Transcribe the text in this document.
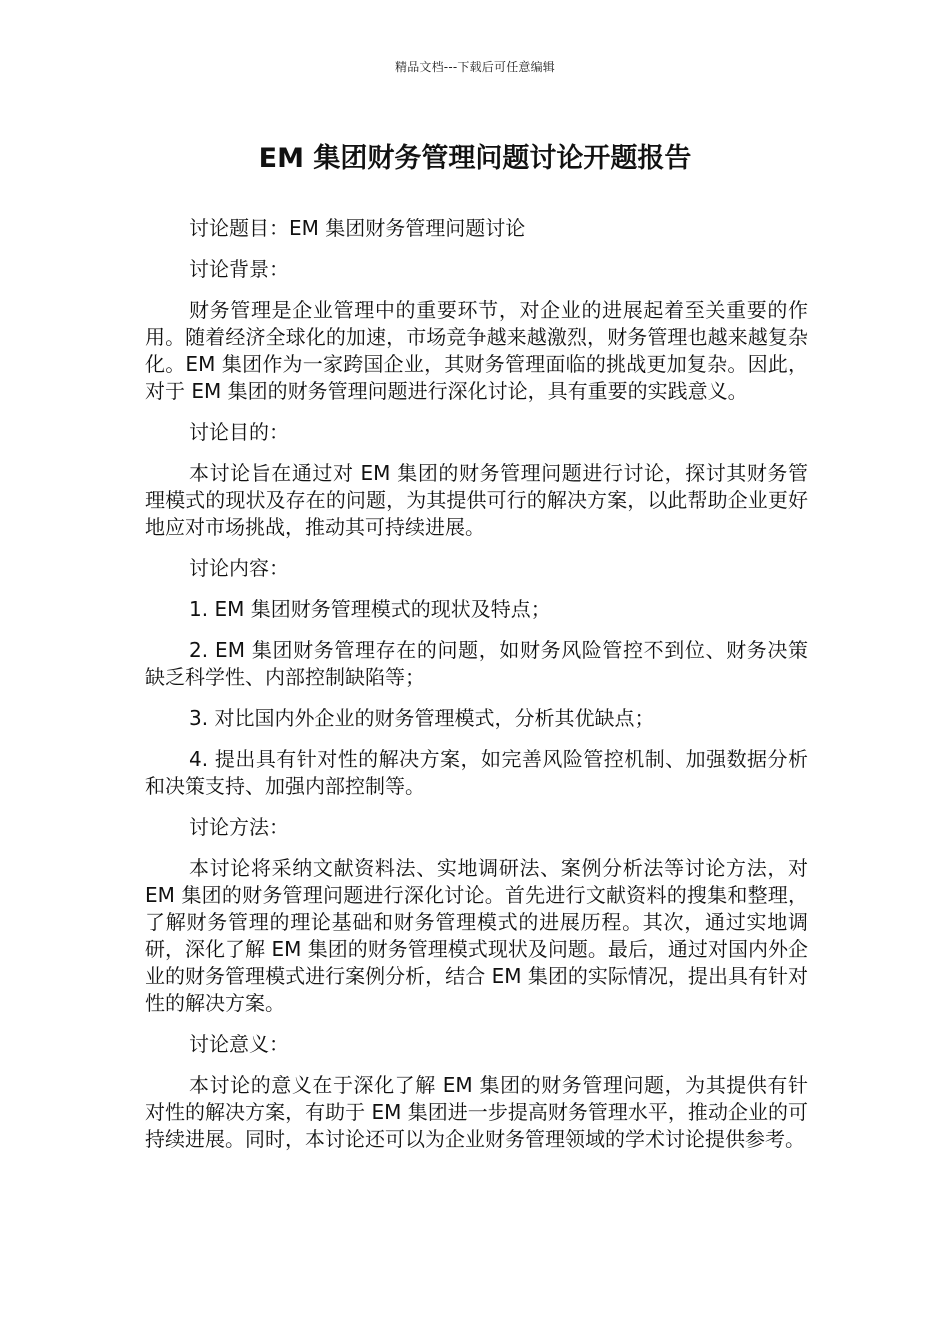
精品文档---下载后可任意编辑
EM 集团财务管理问题讨论开题报告

讨论题目：EM 集团财务管理问题讨论

讨论背景：

财务管理是企业管理中的重要环节，对企业的进展起着至关重要的作用。随着经济全球化的加速，市场竞争越来越激烈，财务管理也越来越复杂化。EM 集团作为一家跨国企业，其财务管理面临的挑战更加复杂。因此，对于 EM 集团的财务管理问题进行深化讨论，具有重要的实践意义。

讨论目的：

本讨论旨在通过对 EM 集团的财务管理问题进行讨论，探讨其财务管理模式的现状及存在的问题，为其提供可行的解决方案，以此帮助企业更好地应对市场挑战，推动其可持续进展。

讨论内容：

1. EM 集团财务管理模式的现状及特点；

2. EM 集团财务管理存在的问题，如财务风险管控不到位、财务决策缺乏科学性、内部控制缺陷等；

3. 对比国内外企业的财务管理模式，分析其优缺点；

4. 提出具有针对性的解决方案，如完善风险管控机制、加强数据分析和决策支持、加强内部控制等。

讨论方法：

本讨论将采纳文献资料法、实地调研法、案例分析法等讨论方法，对 EM 集团的财务管理问题进行深化讨论。首先进行文献资料的搜集和整理，了解财务管理的理论基础和财务管理模式的进展历程。其次，通过实地调研，深化了解 EM 集团的财务管理模式现状及问题。最后，通过对国内外企业的财务管理模式进行案例分析，结合 EM 集团的实际情况，提出具有针对性的解决方案。

讨论意义：

本讨论的意义在于深化了解 EM 集团的财务管理问题，为其提供有针对性的解决方案，有助于 EM 集团进一步提高财务管理水平，推动企业的可持续进展。同时，本讨论还可以为企业财务管理领域的学术讨论提供参考。
